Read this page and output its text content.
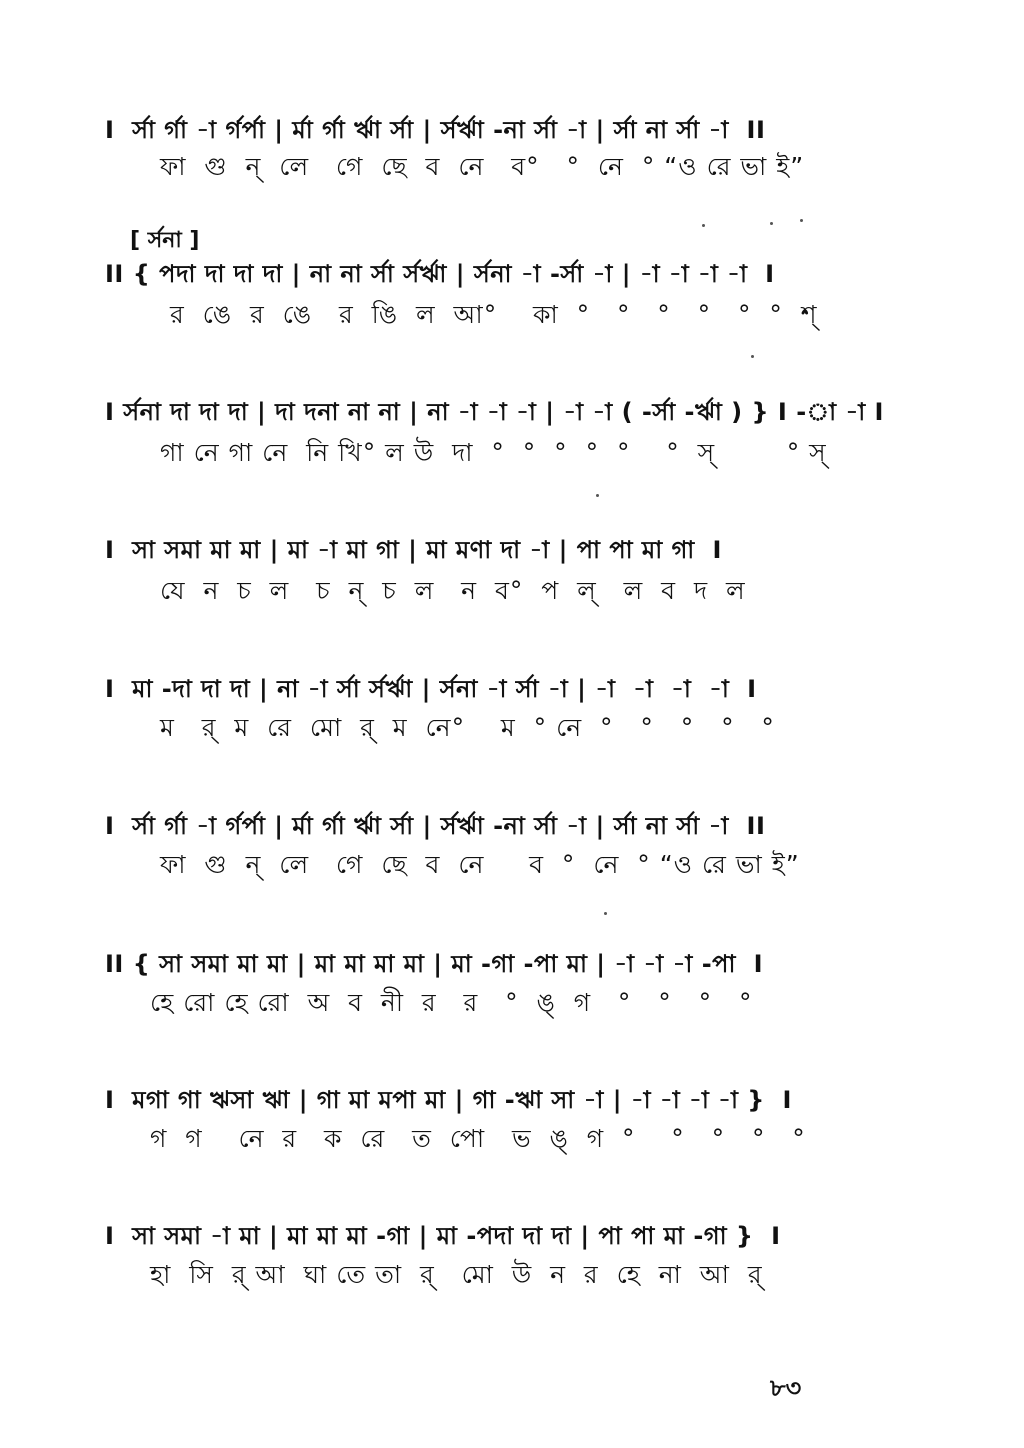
I  র্সা র্গা -া র্গর্পা | র্মা র্গা র্ঋা র্সা | র্সর্ঋা -না র্সা -া | র্সা না র্সা -া  II
ফা  গু  ন্  লে   গে  ছে  ব  নে   ব°   °  নে  ° “ও রে ভা ই”
[ র্সনা ]
II { পদা দা দা দা | না না র্সা র্সর্ঋা | র্সনা -া -র্সা -া | -া -া -া -া  I
র  ঙে  র  ঙে   র  ঙি  ল  আ°    কা  °   °   °   °   °  °  শ্
I র্সনা দা দা দা | দা দনা না না | না -া -া -া | -া -া ( -র্সা -র্ঋা ) } I -া -া I
গা নে গা নে  নি খি° ল উ  দা  °  °  °  °  °    °  স্        ° স্
I  সা সমা মা মা | মা -া মা গা | মা মণা দা -া | পা পা মা গা  I
যে  ন  চ  ল   চ  ন্  চ  ল   ন  ব°  প  ল্   ল  ব  দ  ল
I  মা -দা দা দা | না -া র্সা র্সর্ঋা | র্সনা -া র্সা -া | -া  -া  -া  -া  I
ম   র্  ম  রে  মো  র্  ম  নে°    ম  ° নে  °   °   °   °   °
I  র্সা র্গা -া র্গর্পা | র্মা র্গা র্ঋা র্সা | র্সর্ঋা -না র্সা -া | র্সা না র্সা -া  II
ফা  গু  ন্  লে   গে  ছে  ব  নে     ব  °  নে  ° “ও রে ভা ই”
II { সা সমা মা মা | মা মা মা মা | মা -গা -পা মা | -া -া -া -পা  I
হে রো হে রো  অ  ব  নী  র   র   °  ঙ্  গ   °   °   °   °
I  মগা গা ঋসা ঋা | গা মা মপা মা | গা -ঋা সা -া | -া -া -া -া }  I
গ  গ    নে  র   ক  রে   ত  পো   ভ  ঙ্  গ  °    °   °   °   °
I  সা সমা -া মা | মা মা মা -গা | মা -পদা দা দা | পা পা মা -গা }  I
হা  সি  র্ আ  ঘা তে তা  র্   মো  উ  ন  র  হে  না  আ  র্
৮৩
